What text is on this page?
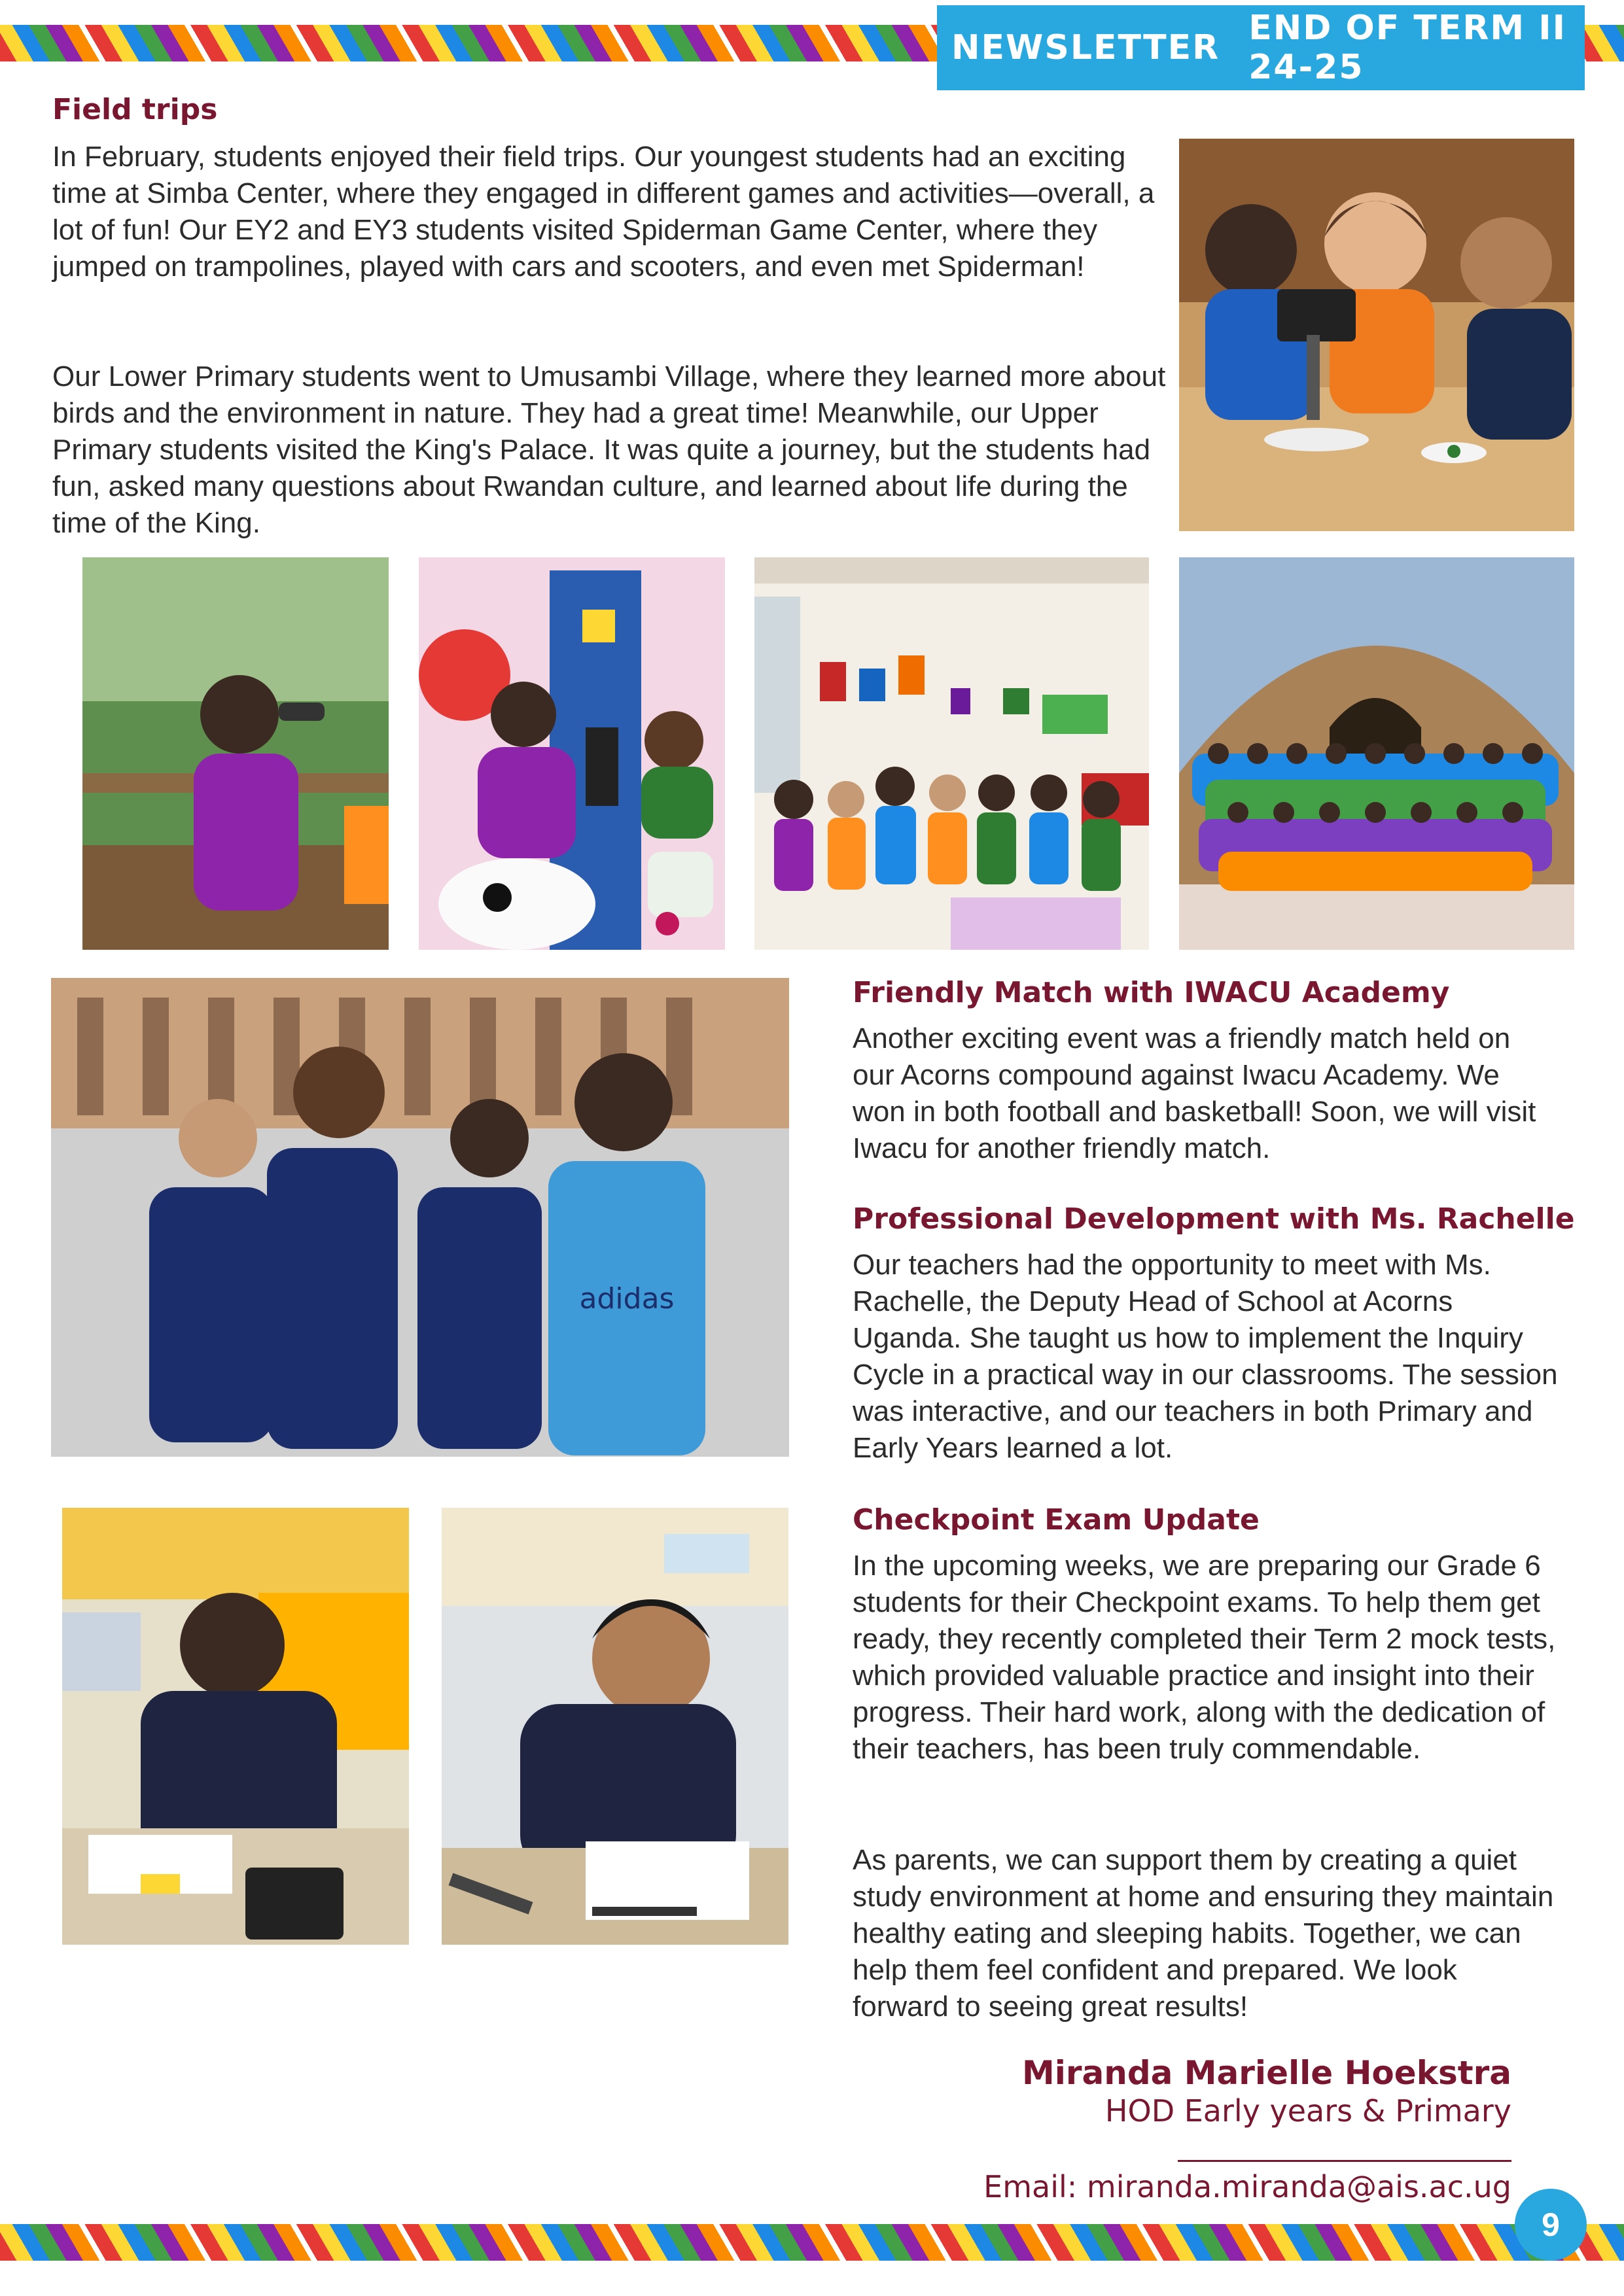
NEWSLETTER END OF TERM II 24-25
Field trips

In February, students enjoyed their field trips. Our youngest students had an exciting time at Simba Center, where they engaged in different games and activities—overall, a lot of fun! Our EY2 and EY3 students visited Spiderman Game Center, where they jumped on trampolines, played with cars and scooters, and even met Spiderman!

Our Lower Primary students went to Umusambi Village, where they learned more about birds and the environment in nature. They had a great time! Meanwhile, our Upper Primary students visited the King's Palace. It was quite a journey, but the students had fun, asked many questions about Rwandan culture, and learned about life during the time of the King.

adidas
Friendly Match with IWACU Academy

Another exciting event was a friendly match held on our Acorns compound against Iwacu Academy. We won in both football and basketball! Soon, we will visit Iwacu for another friendly match.

Professional Development with Ms. Rachelle

Our teachers had the opportunity to meet with Ms. Rachelle, the Deputy Head of School at Acorns Uganda. She taught us how to implement the Inquiry Cycle in a practical way in our classrooms. The session was interactive, and our teachers in both Primary and Early Years learned a lot.

Checkpoint Exam Update

In the upcoming weeks, we are preparing our Grade 6 students for their Checkpoint exams. To help them get ready, they recently completed their Term 2 mock tests, which provided valuable practice and insight into their progress. Their hard work, along with the dedication of their teachers, has been truly commendable.

As parents, we can support them by creating a quiet study environment at home and ensuring they maintain healthy eating and sleeping habits. Together, we can help them feel confident and prepared. We look forward to seeing great results!

Miranda Marielle Hoekstra
HOD Early years & Primary
Email: miranda.miranda@ais.ac.ug
9
